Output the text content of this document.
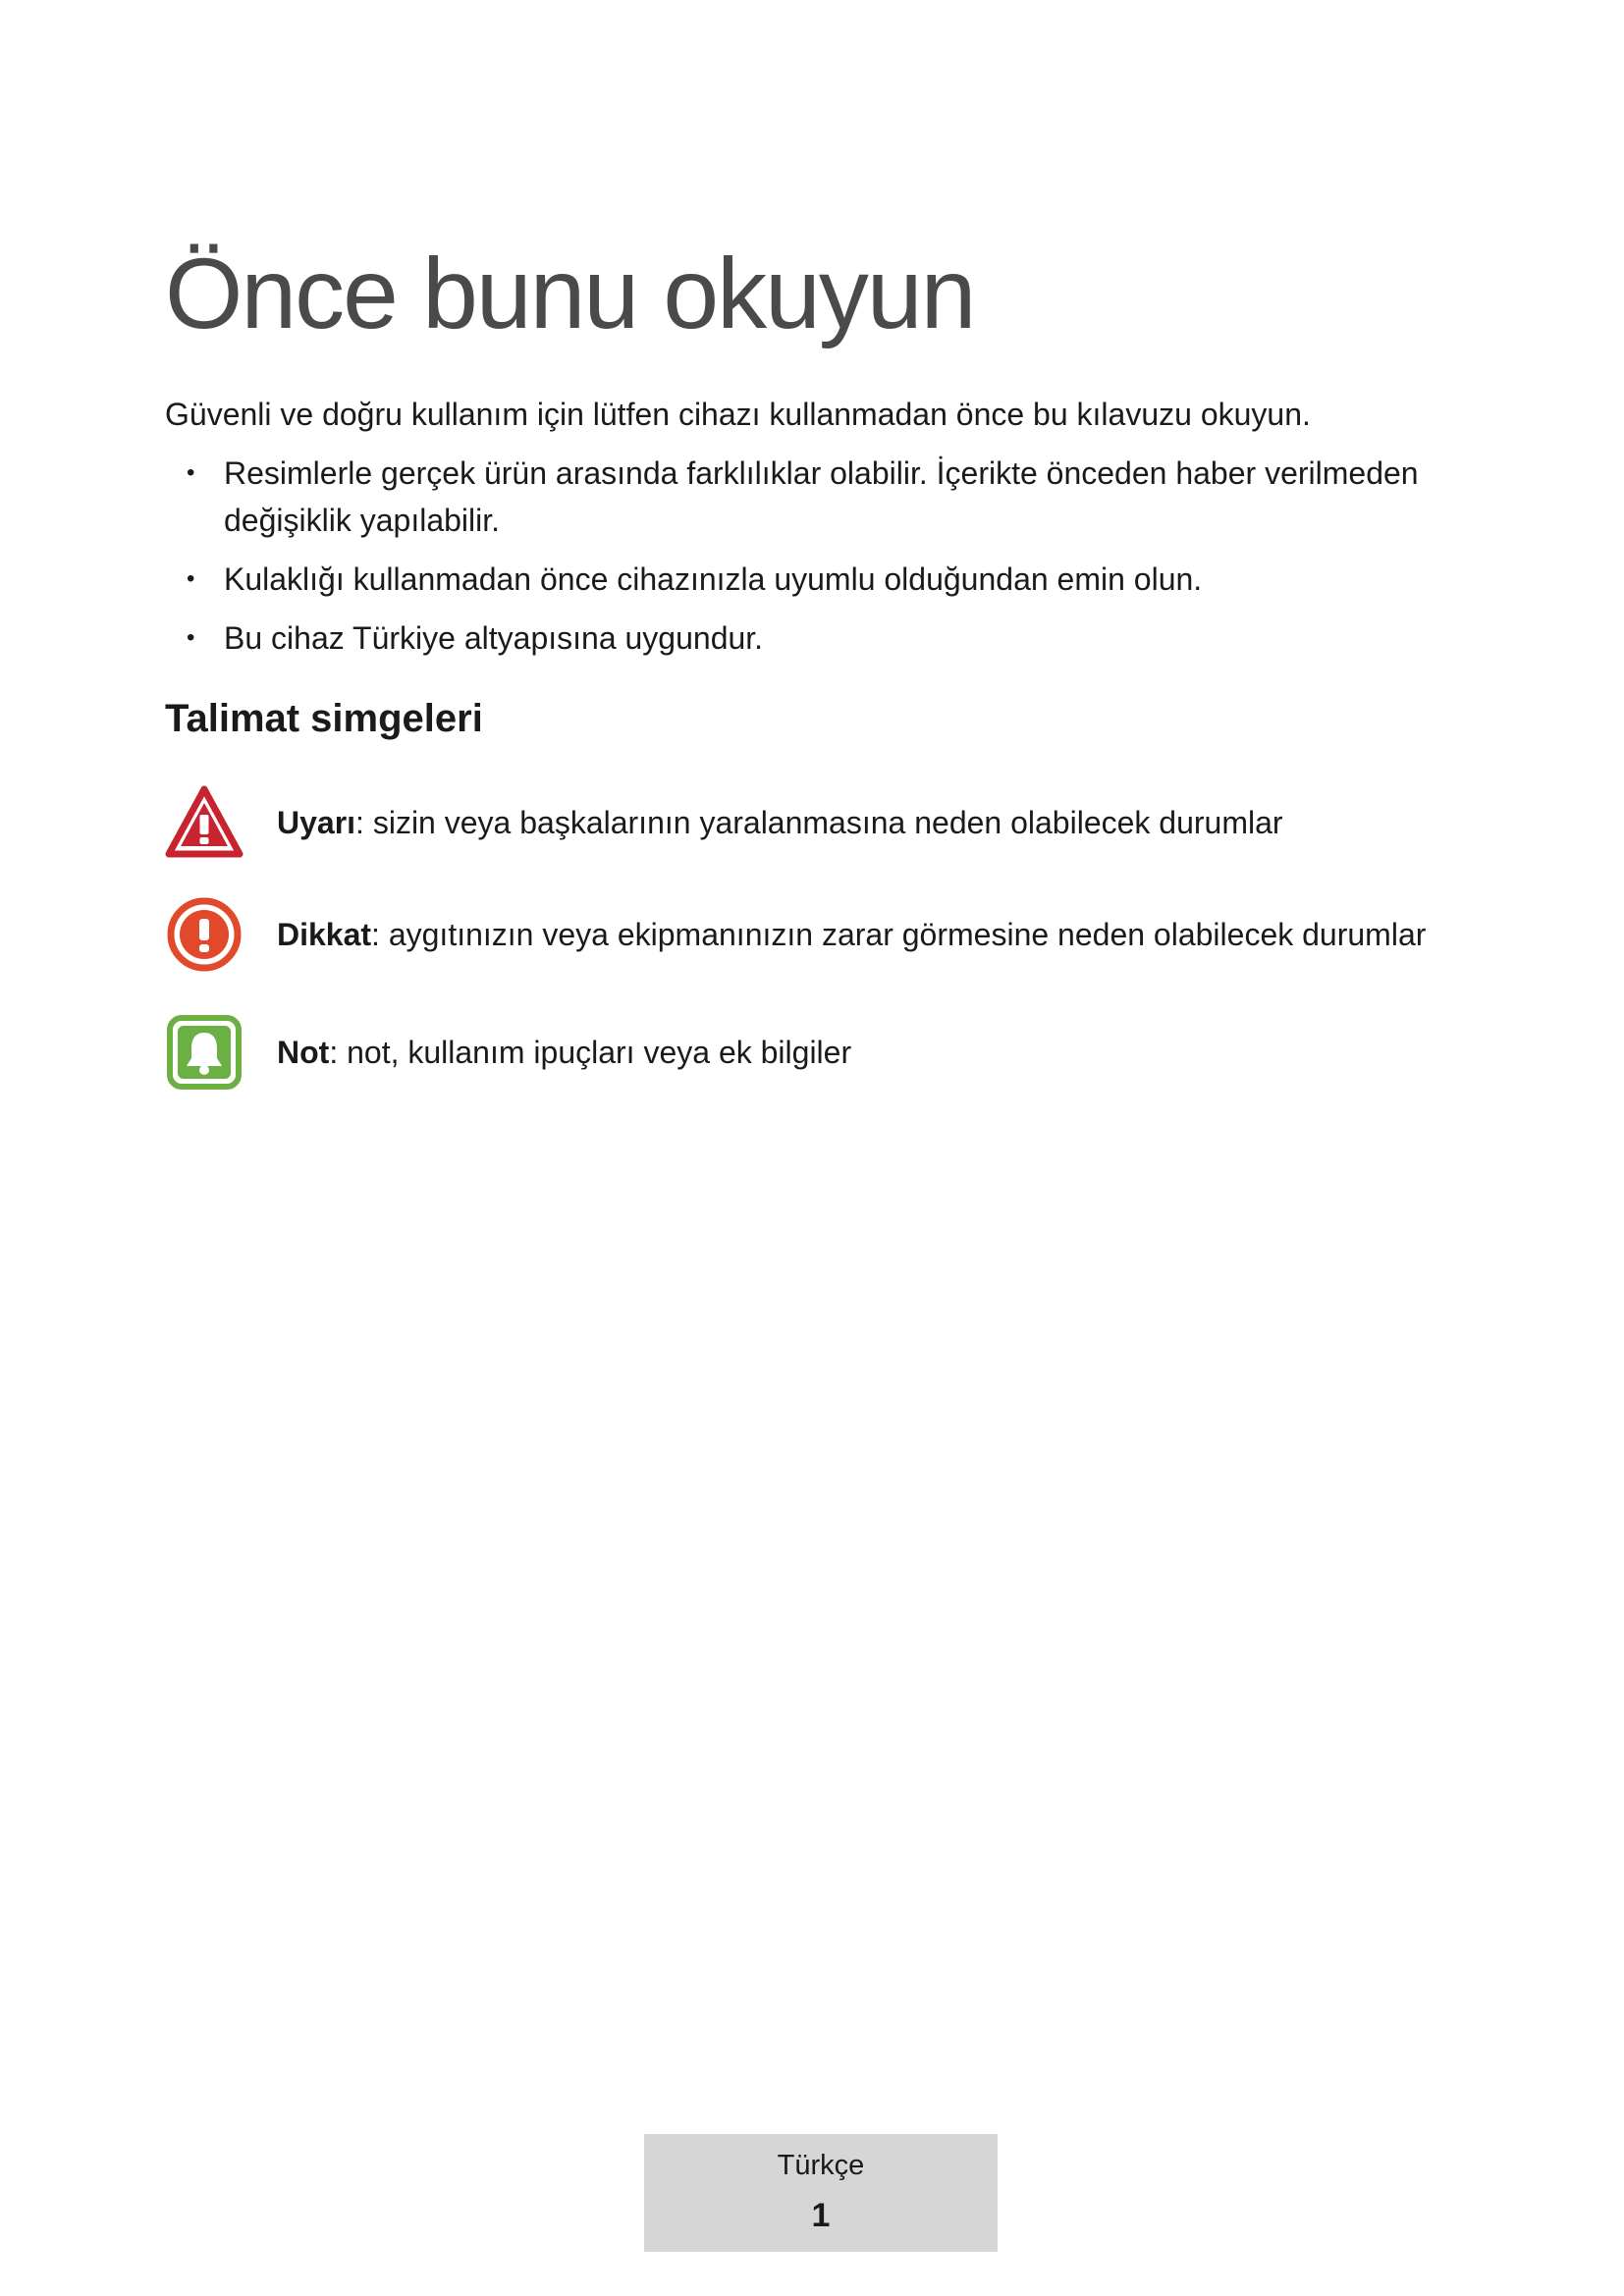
Önce bunu okuyun

Güvenli ve doğru kullanım için lütfen cihazı kullanmadan önce bu kılavuzu okuyun.

• Resimlerle gerçek ürün arasında farklılıklar olabilir. İçerikte önceden haber verilmeden değişiklik yapılabilir.
• Kulaklığı kullanmadan önce cihazınızla uyumlu olduğundan emin olun.
• Bu cihaz Türkiye altyapısına uygundur.
Talimat simgeleri
Uyarı: sizin veya başkalarının yaralanmasına neden olabilecek durumlar
Dikkat: aygıtınızın veya ekipmanınızın zarar görmesine neden olabilecek durumlar
Not: not, kullanım ipuçları veya ek bilgiler
Türkçe
1
